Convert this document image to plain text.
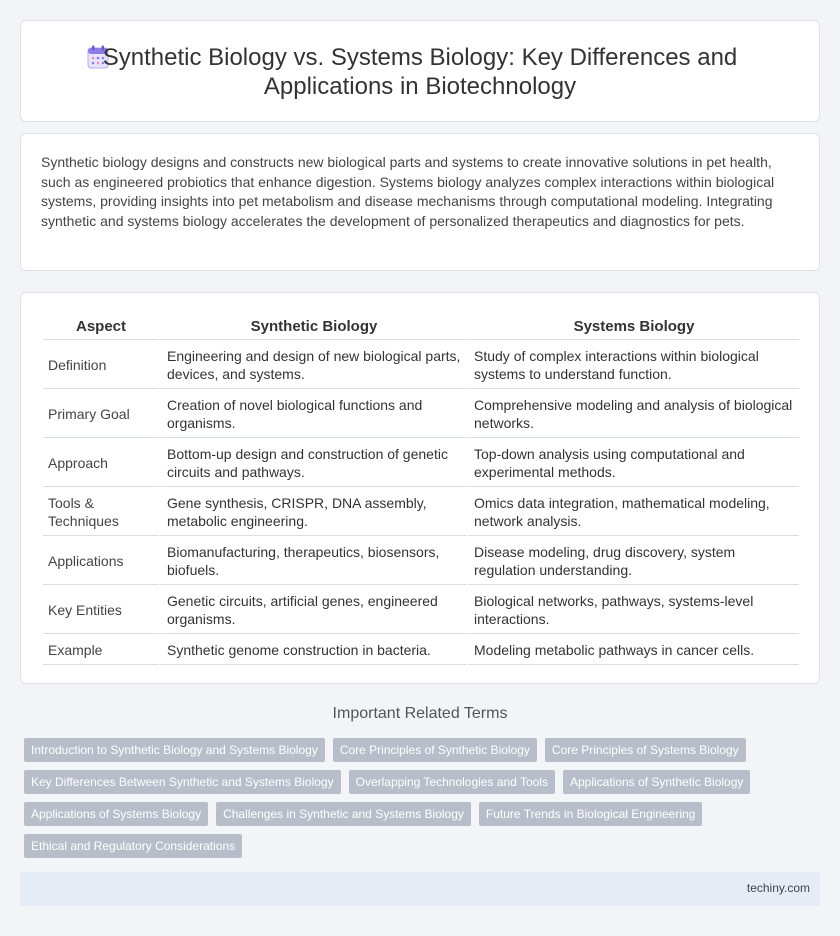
Synthetic Biology vs. Systems Biology: Key Differences and Applications in Biotechnology

Synthetic biology designs and constructs new biological parts and systems to create innovative solutions in pet health, such as engineered probiotics that enhance digestion. Systems biology analyzes complex interactions within biological systems, providing insights into pet metabolism and disease mechanisms through computational modeling. Integrating synthetic and systems biology accelerates the development of personalized therapeutics and diagnostics for pets.

Aspect	Synthetic Biology	Systems Biology
Definition	Engineering and design of new biological parts, devices, and systems.	Study of complex interactions within biological systems to understand function.
Primary Goal	Creation of novel biological functions and organisms.	Comprehensive modeling and analysis of biological networks.
Approach	Bottom-up design and construction of genetic circuits and pathways.	Top-down analysis using computational and experimental methods.
Tools & Techniques	Gene synthesis, CRISPR, DNA assembly, metabolic engineering.	Omics data integration, mathematical modeling, network analysis.
Applications	Biomanufacturing, therapeutics, biosensors, biofuels.	Disease modeling, drug discovery, system regulation understanding.
Key Entities	Genetic circuits, artificial genes, engineered organisms.	Biological networks, pathways, systems-level interactions.
Example	Synthetic genome construction in bacteria.	Modeling metabolic pathways in cancer cells.
Important Related Terms
Introduction to Synthetic Biology and Systems Biology	Core Principles of Synthetic Biology	Core Principles of Systems Biology
Key Differences Between Synthetic and Systems Biology	Overlapping Technologies and Tools	Applications of Synthetic Biology
Applications of Systems Biology	Challenges in Synthetic and Systems Biology	Future Trends in Biological Engineering
Ethical and Regulatory Considerations
techiny.com
